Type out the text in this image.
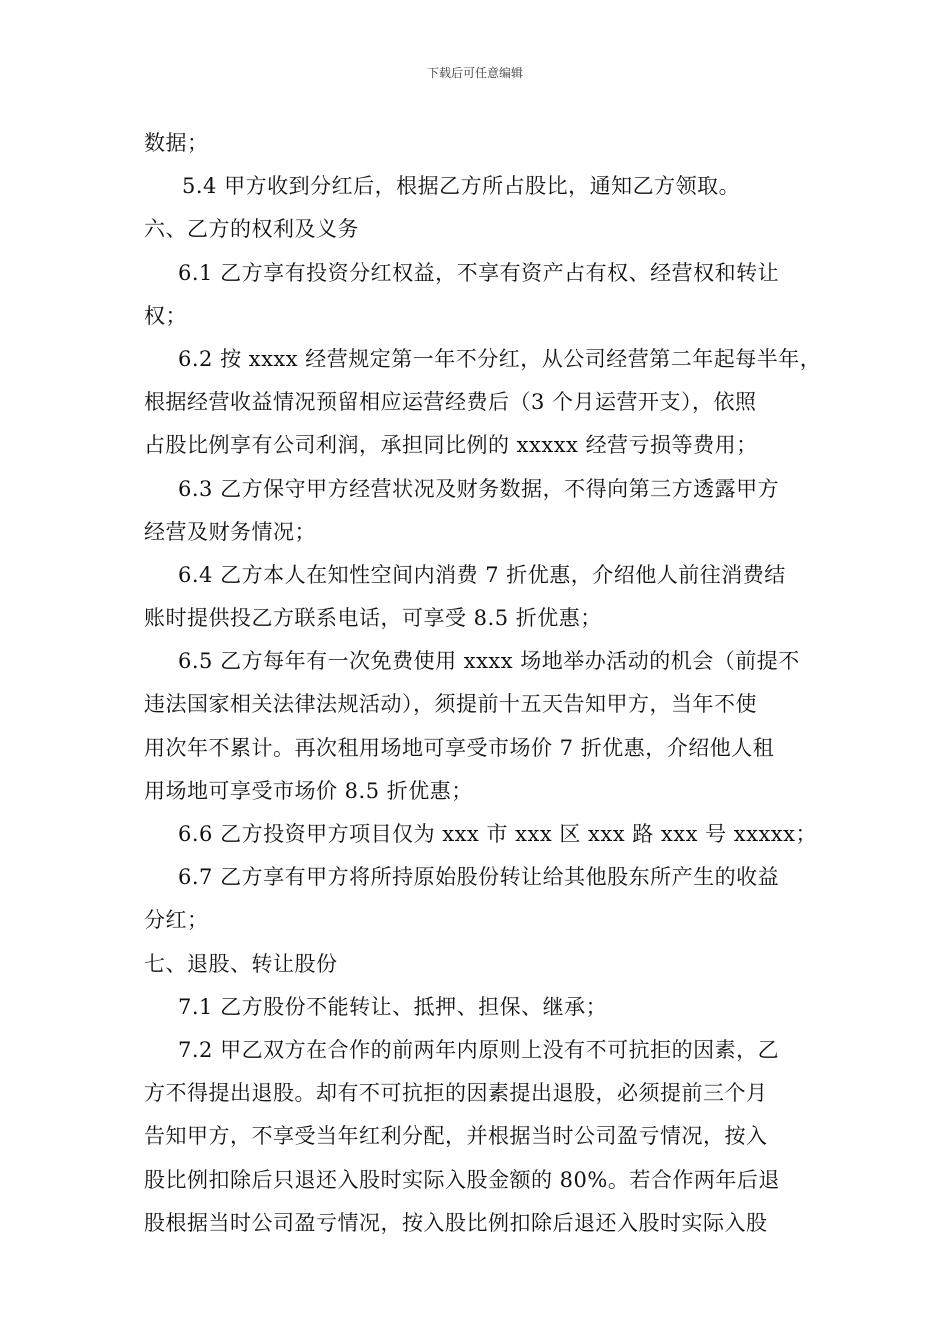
下载后可任意编辑
数据；
5.4 甲方收到分红后，根据乙方所占股比，通知乙方领取。
六、乙方的权利及义务
6.1 乙方享有投资分红权益，不享有资产占有权、经营权和转让
权；
6.2 按 xxxx 经营规定第一年不分红，从公司经营第二年起每半年，
根据经营收益情况预留相应运营经费后（3 个月运营开支），依照
占股比例享有公司利润，承担同比例的 xxxxx 经营亏损等费用；
6.3 乙方保守甲方经营状况及财务数据，不得向第三方透露甲方
经营及财务情况；
6.4 乙方本人在知性空间内消费 7 折优惠，介绍他人前往消费结
账时提供投乙方联系电话，可享受 8.5 折优惠；
6.5 乙方每年有一次免费使用 xxxx 场地举办活动的机会（前提不
违法国家相关法律法规活动），须提前十五天告知甲方，当年不使
用次年不累计。再次租用场地可享受市场价 7 折优惠，介绍他人租
用场地可享受市场价 8.5 折优惠；
6.6 乙方投资甲方项目仅为 xxx 市 xxx 区 xxx 路 xxx 号 xxxxx；
6.7 乙方享有甲方将所持原始股份转让给其他股东所产生的收益
分红；
七、退股、转让股份
7.1 乙方股份不能转让、抵押、担保、继承；
7.2 甲乙双方在合作的前两年内原则上没有不可抗拒的因素，乙
方不得提出退股。却有不可抗拒的因素提出退股，必须提前三个月
告知甲方，不享受当年红利分配，并根据当时公司盈亏情况，按入
股比例扣除后只退还入股时实际入股金额的 80%。若合作两年后退
股根据当时公司盈亏情况，按入股比例扣除后退还入股时实际入股
